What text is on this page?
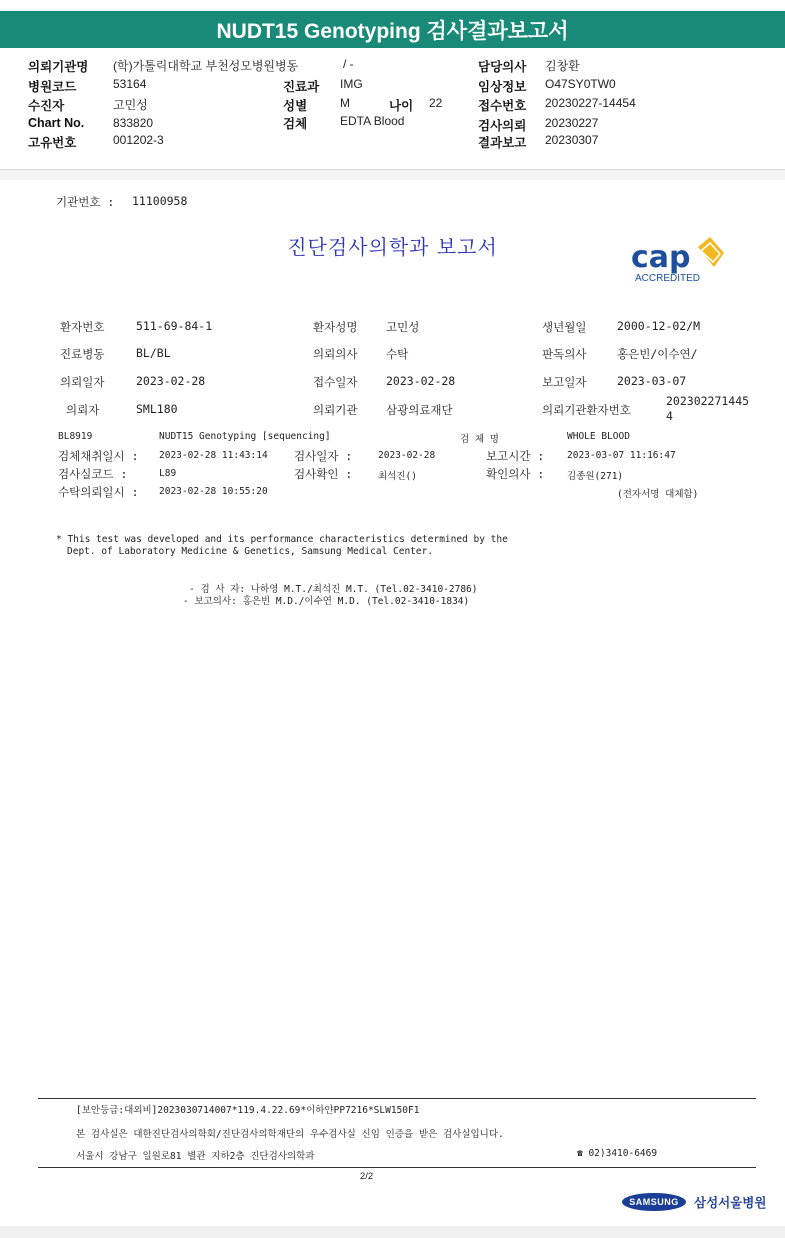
NUDT15 Genotyping 검사결과보고서
의뢰기관명 (학)가톨릭대학교 부천성모병원병동	/ -	담당의사 김창환
병원코드	53164	진료과 IMG	임상정보 O47SY0TW0
수진자	고민성	성별	M	나이 22	접수번호 20230227-14454
Chart No. 833820	검체	EDTA Blood	검사의뢰 20230227
고유번호	001202-3	결과보고 20230307
기관번호 : 11100958
진단검사의학과 보고서	cap
ACCREDITED
환자번호	511-69-84-1	환자성명 고민성	생년월일	2000-12-02/M
진료병동	BL/BL	의뢰의사 수탁	판독의사	홍은빈/이수연/
의뢰일자	2023-02-28	접수일자 2023-02-28	보고일자	2023-03-07
의뢰자	SML180	의뢰기관 삼광의료재단	의뢰기관환자번호
202302271445
4
BL8919	NUDT15 Genotyping [sequencing]	검 체 명	WHOLE BLOOD
검체채취일시 : 2023-02-28 11:43:14 검사일자 :	2023-02-28	보고시간 : 2023-03-07 11:16:47
검사실코드 :	L89	검사확인 :	최석진()	확인의사 : 김종원(271)
수탁의뢰일시 : 2023-02-28 10:55:20	(전자서명 대체함)
* This test was developed and its performance characteristics determined by the
Dept. of Laboratory Medicine & Genetics, Samsung Medical Center.
- 검 사 자: 나하영 M.T./최석진 M.T. (Tel.02-3410-2786)
- 보고의사: 홍은빈 M.D./이수연 M.D. (Tel.02-3410-1834)
[보안등급:대외비]2023030714007*119.4.22.69*이하얀PP7216*SLW150F1
본 검사실은 대한진단검사의학회/진단검사의학재단의 우수검사실 신임 인증을 받은 검사실입니다.
서울시 강남구 일원로81 별관 지하2층 진단검사의학과	☎ 02)3410-6469
2/2
SAMSUNG	삼성서울병원
